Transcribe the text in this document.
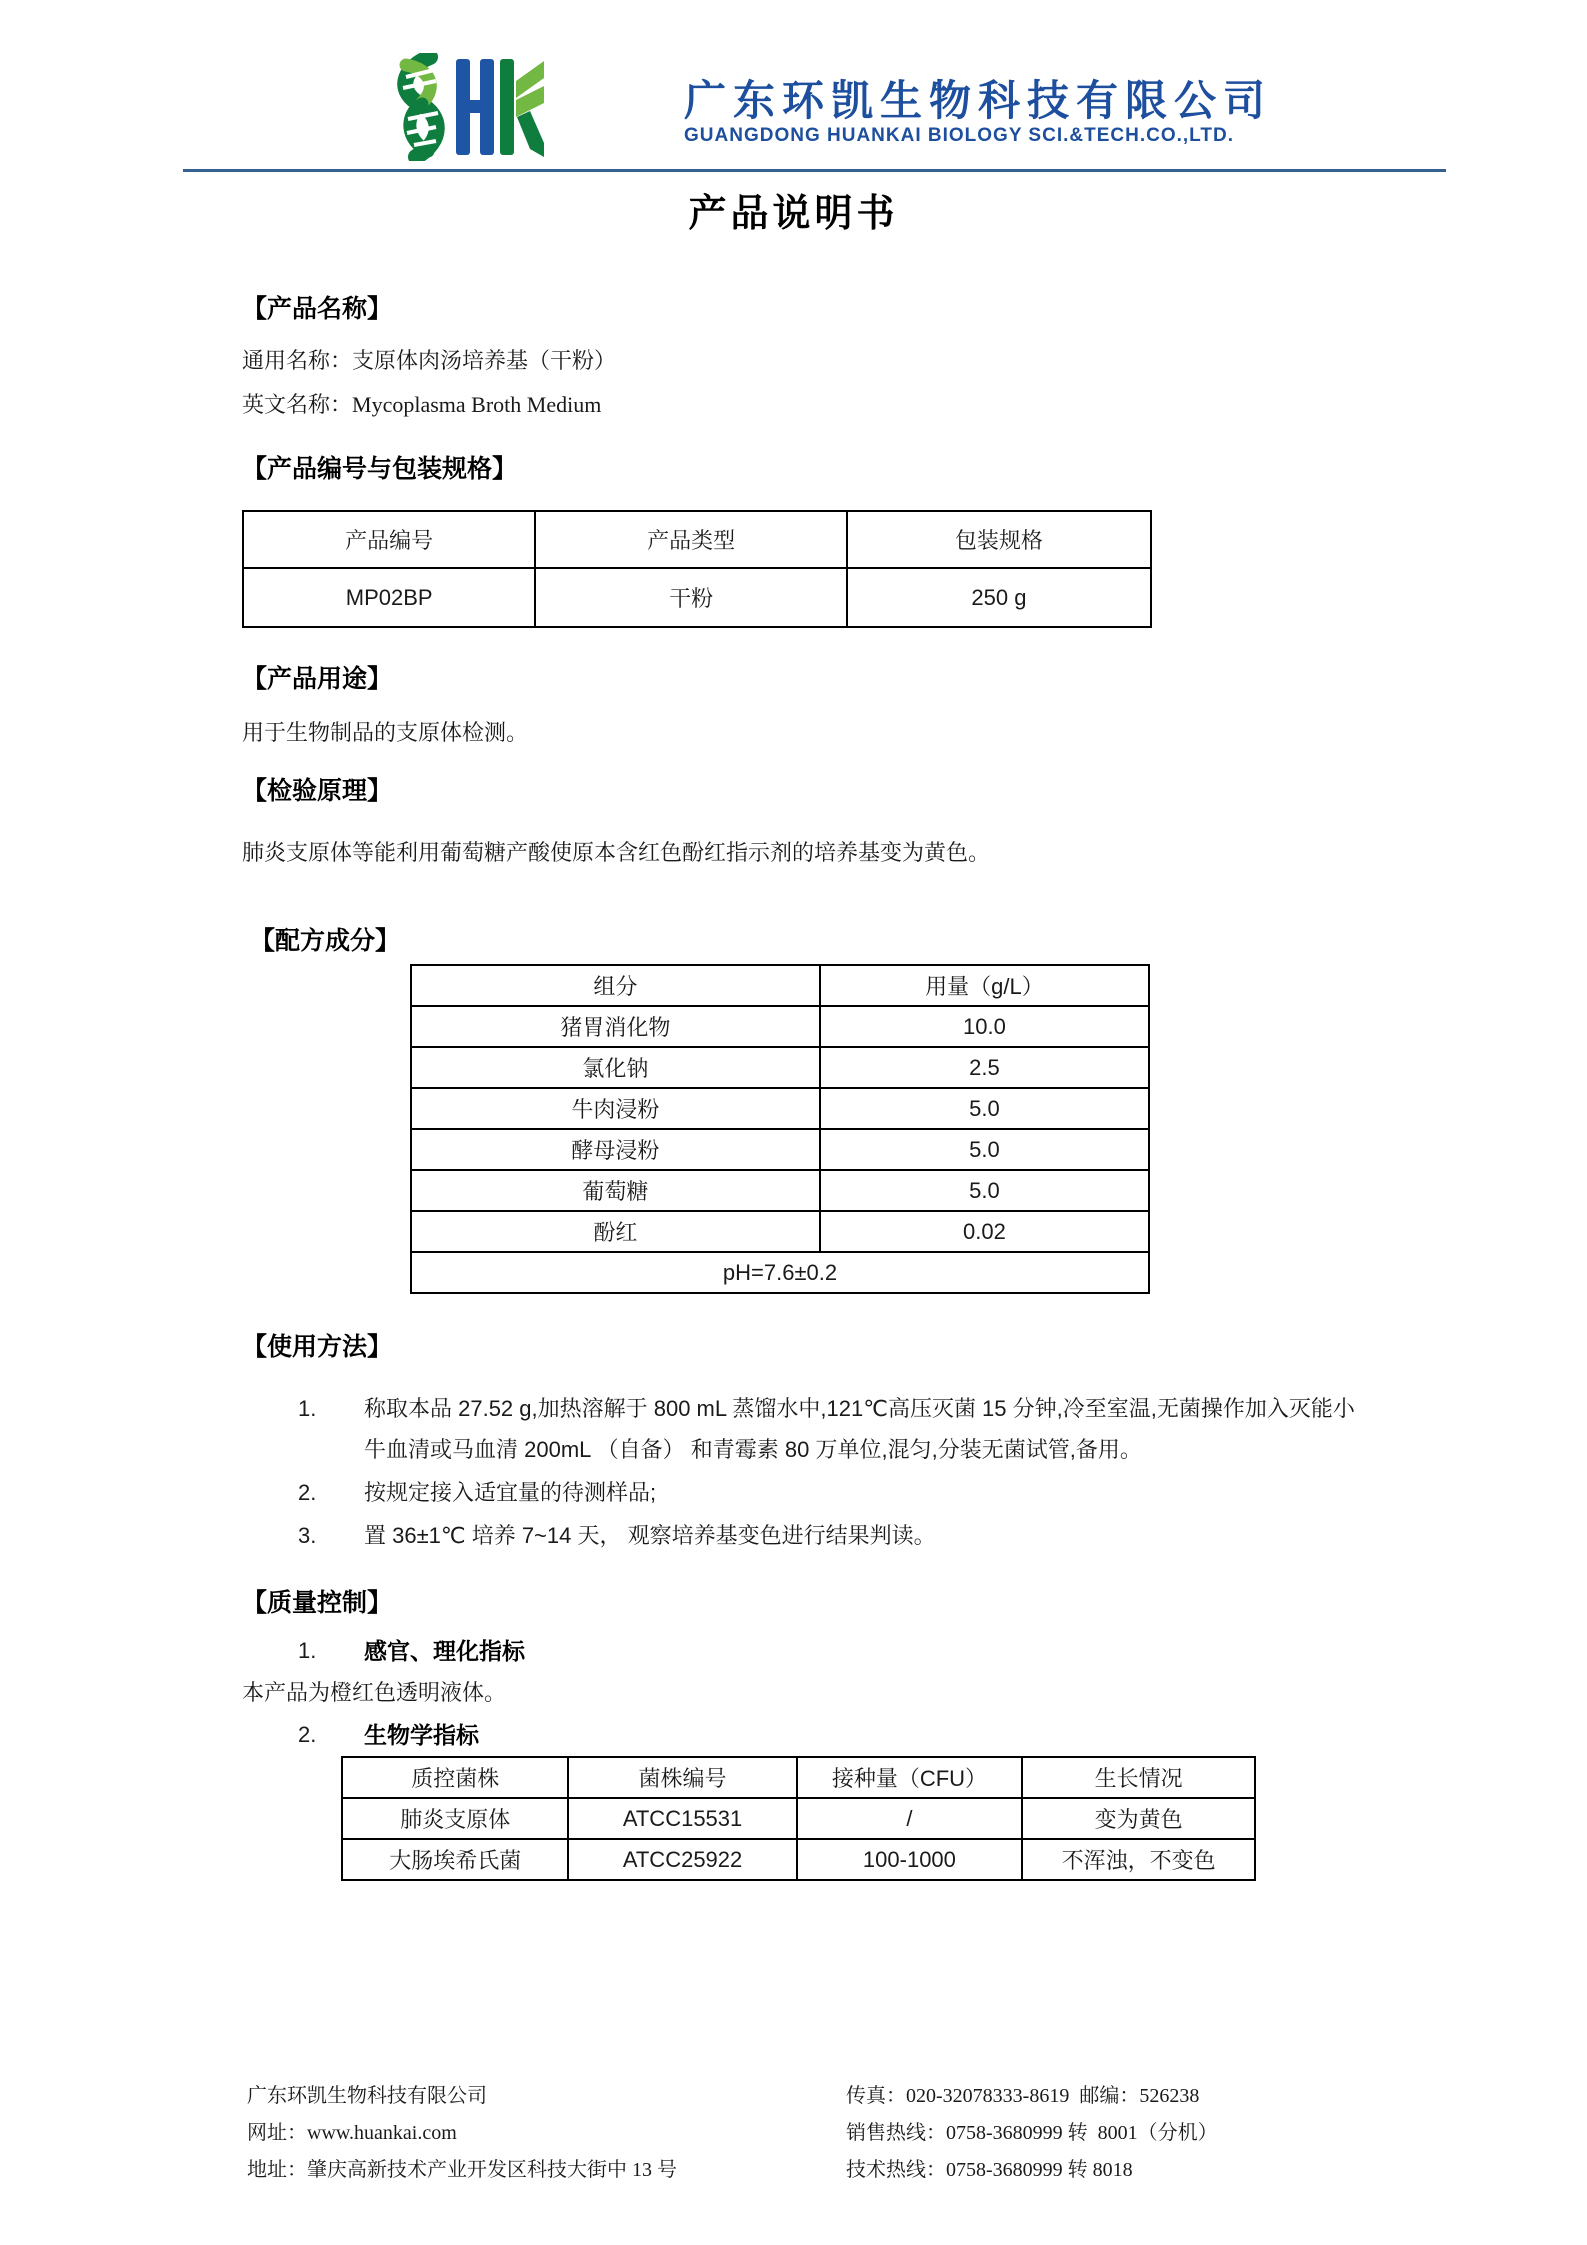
广东环凯生物科技有限公司
GUANGDONG HUANKAI BIOLOGY SCI.&TECH.CO.,LTD.
产品说明书
【产品名称】
通用名称：支原体肉汤培养基（干粉）
英文名称：Mycoplasma Broth Medium
【产品编号与包装规格】
产品编号	产品类型	包装规格
MP02BP	干粉	250 g
【产品用途】
用于生物制品的支原体检测。
【检验原理】
肺炎支原体等能利用葡萄糖产酸使原本含红色酚红指示剂的培养基变为黄色。
【配方成分】
组分	用量（g/L）
猪胃消化物	10.0
氯化钠	2.5
牛肉浸粉	5.0
酵母浸粉	5.0
葡萄糖	5.0
酚红	0.02
pH=7.6±0.2	
【使用方法】
1.	称取本品 27.52 g,加热溶解于 800 mL 蒸馏水中,121℃高压灭菌 15 分钟,冷至室温,无菌操作加入灭能小牛血清或马血清 200mL （自备） 和青霉素 80 万单位,混匀,分装无菌试管,备用。
2.	按规定接入适宜量的待测样品;
3.	置 36±1℃ 培养 7~14 天， 观察培养基变色进行结果判读。
【质量控制】
1.	感官、理化指标
本产品为橙红色透明液体。
2.	生物学指标
质控菌株	菌株编号	接种量（CFU）	生长情况
肺炎支原体	ATCC15531	/	变为黄色
大肠埃希氏菌	ATCC25922	100-1000	不浑浊，不变色
广东环凯生物科技有限公司
网址：www.huankai.com
地址：肇庆高新技术产业开发区科技大街中 13 号
传真：020-32078333-8619  邮编：526238
销售热线：0758-3680999 转  8001（分机）
技术热线：0758-3680999 转 8018
